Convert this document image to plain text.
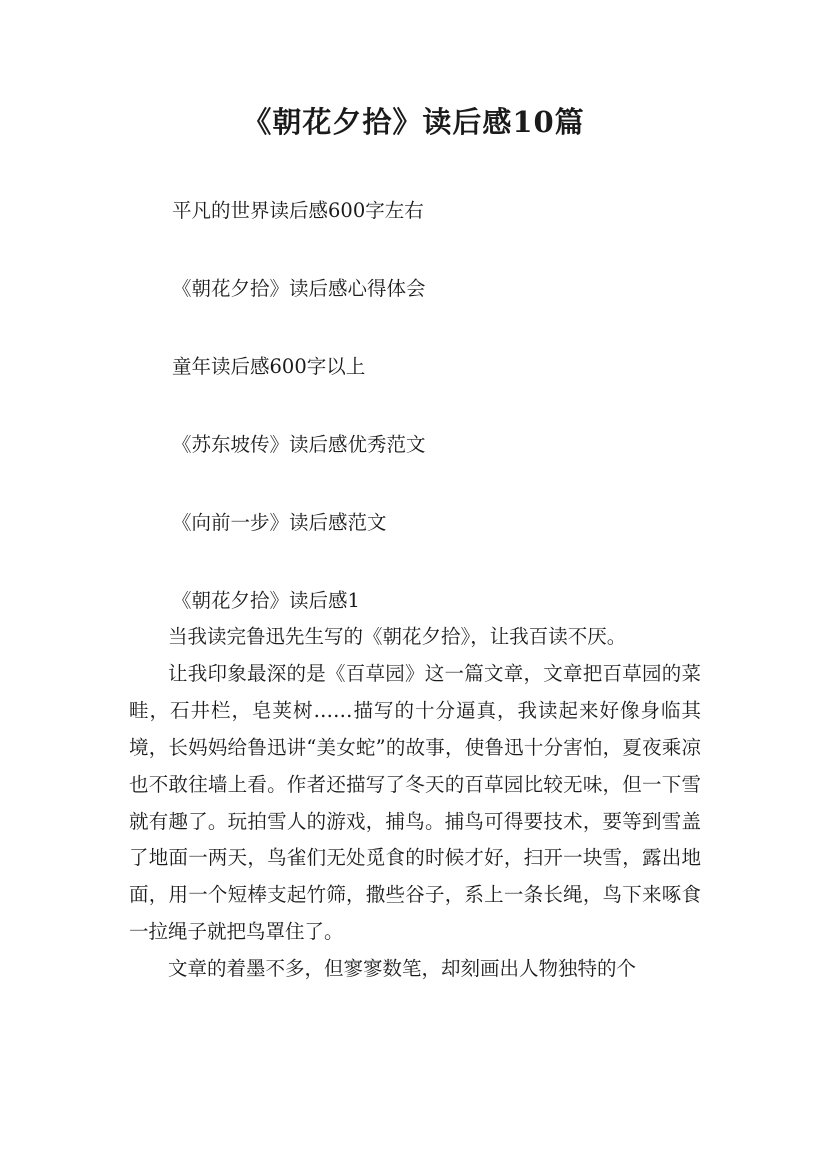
《朝花夕拾》读后感10篇
平凡的世界读后感600字左右
《朝花夕拾》读后感心得体会
童年读后感600字以上
《苏东坡传》读后感优秀范文
《向前一步》读后感范文
《朝花夕拾》读后感1

当我读完鲁迅先生写的《朝花夕拾》，让我百读不厌。

让我印象最深的是《百草园》这一篇文章，文章把百草园的菜畦，石井栏，皂荚树……描写的十分逼真，我读起来好像身临其境，长妈妈给鲁迅讲“美女蛇”的故事，使鲁迅十分害怕，夏夜乘凉也不敢往墙上看。作者还描写了冬天的百草园比较无味，但一下雪就有趣了。玩拍雪人的游戏，捕鸟。捕鸟可得要技术，要等到雪盖了地面一两天，鸟雀们无处觅食的时候才好，扫开一块雪，露出地面，用一个短棒支起竹筛，撒些谷子，系上一条长绳，鸟下来啄食一拉绳子就把鸟罩住了。

文章的着墨不多，但寥寥数笔，却刻画出人物独特的个
